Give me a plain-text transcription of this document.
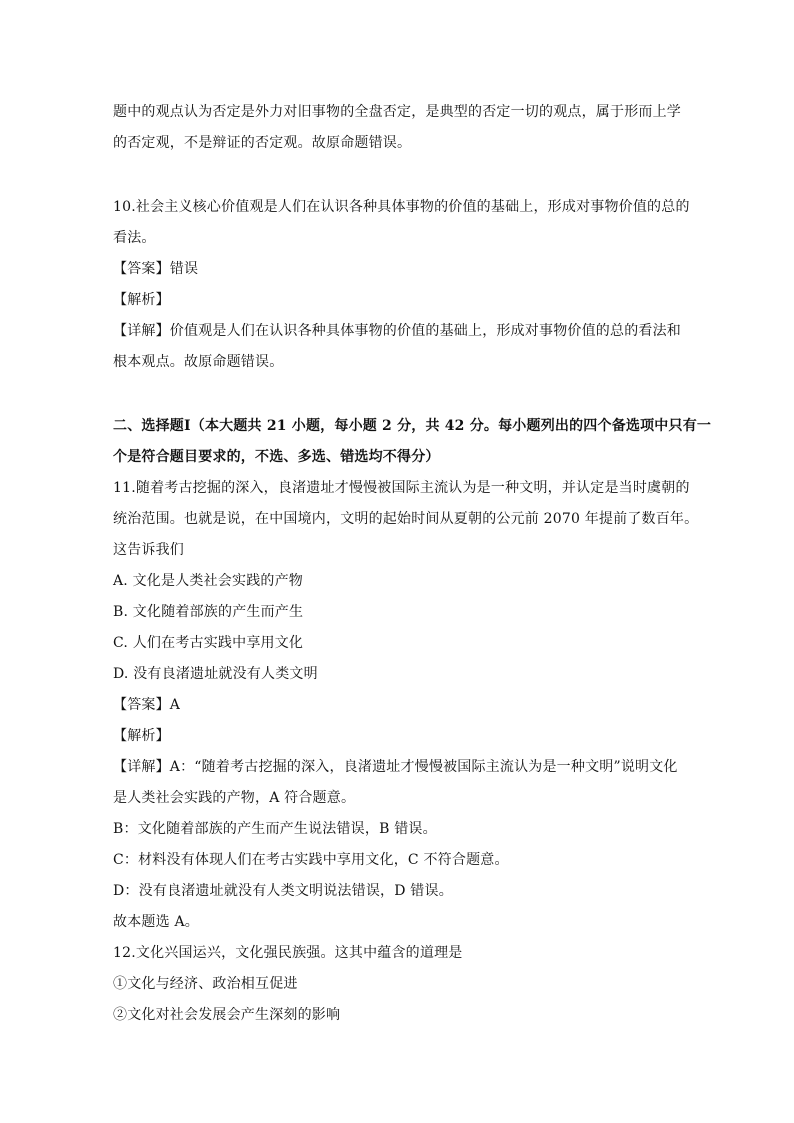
题中的观点认为否定是外力对旧事物的全盘否定，是典型的否定一切的观点，属于形而上学
的否定观，不是辩证的否定观。故原命题错误。
10.社会主义核心价值观是人们在认识各种具体事物的价值的基础上，形成对事物价值的总的
看法。
【答案】错误
【解析】
【详解】价值观是人们在认识各种具体事物的价值的基础上，形成对事物价值的总的看法和
根本观点。故原命题错误。
二、选择题Ⅰ（本大题共 21 小题，每小题 2 分，共 42 分。每小题列出的四个备选项中只有一
个是符合题目要求的，不选、多选、错选均不得分）
11.随着考古挖掘的深入，良渚遗址才慢慢被国际主流认为是一种文明，并认定是当时虞朝的
统治范围。也就是说，在中国境内，文明的起始时间从夏朝的公元前 2070 年提前了数百年。
这告诉我们
A. 文化是人类社会实践的产物
B. 文化随着部族的产生而产生
C. 人们在考古实践中享用文化
D. 没有良渚遗址就没有人类文明
【答案】A
【解析】
【详解】A：“随着考古挖掘的深入，良渚遗址才慢慢被国际主流认为是一种文明”说明文化
是人类社会实践的产物，A 符合题意。
B：文化随着部族的产生而产生说法错误，B 错误。
C：材料没有体现人们在考古实践中享用文化，C 不符合题意。
D：没有良渚遗址就没有人类文明说法错误，D 错误。
故本题选 A。
12.文化兴国运兴，文化强民族强。这其中蕴含的道理是
①文化与经济、政治相互促进
②文化对社会发展会产生深刻的影响
